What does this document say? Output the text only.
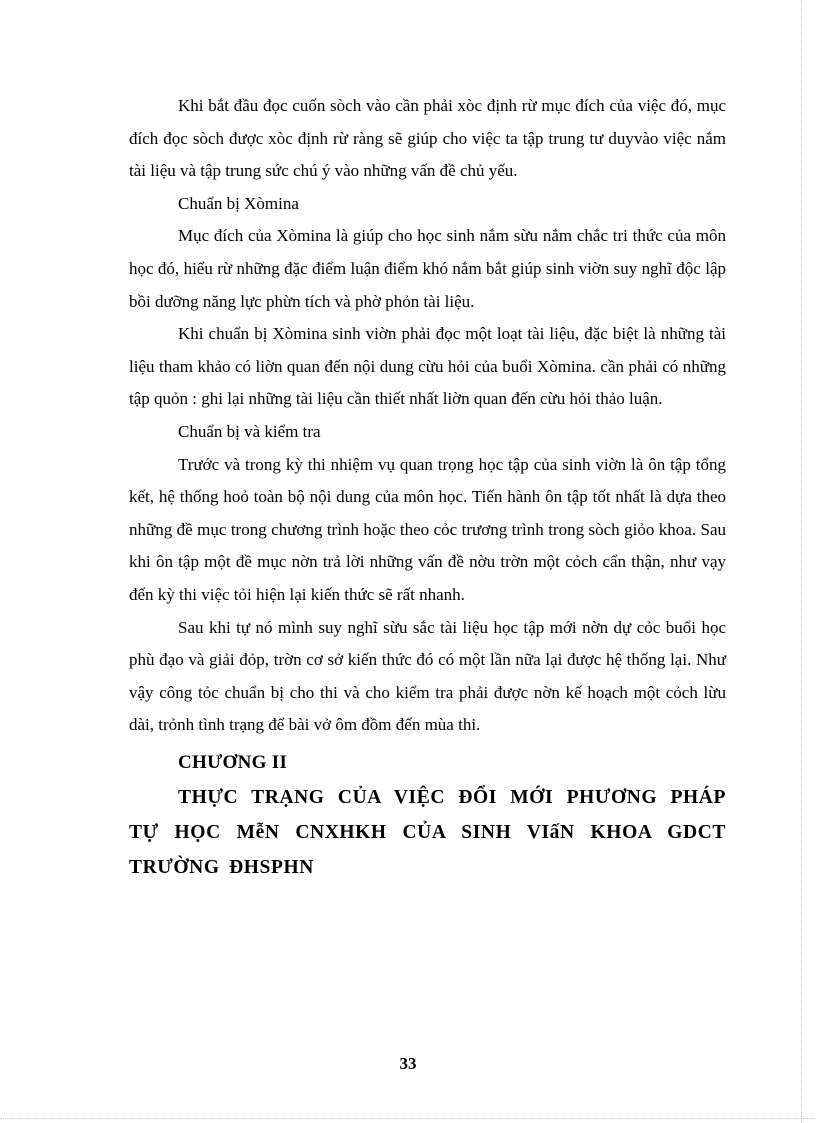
Khi bắt đầu đọc cuốn sòch vào cần phải xòc định rừ mục đích của việc đó, mục đích đọc sòch được xòc định rừ ràng sẽ giúp cho việc ta tập trung tư duyvào việc nắm tài liệu và tập trung sức chú ý vào những vấn đề chủ yếu.

Chuẩn bị Xòmina

Mục đích của Xòmina là giúp cho học sinh nắm sừu nắm chắc tri thức của môn học đó, hiểu rừ những đặc điểm luận điểm khó nắm bắt giúp sinh viờn suy nghĩ độc lập bồi dưỡng năng lực phừn tích và phờ phỏn tài liệu.

Khi chuẩn bị Xòmina sinh viờn phải đọc một loạt tài liệu, đặc biệt là những tài liệu tham khảo có liờn quan đến nội dung cừu hỏi của buổi Xòmina. cần phải có những tập quỏn : ghi lại những tài liệu cần thiết nhất liờn quan đến cừu hỏi thảo luận.

Chuẩn bị và kiểm tra

Trước và trong kỳ thi nhiệm vụ quan trọng học tập của sinh viờn là ôn tập tổng kết, hệ thống hoỏ toàn bộ nội dung của môn học. Tiến hành ôn tập tốt nhất là dựa theo những đề mục trong chương trình hoặc theo cỏc trương trình trong sòch giỏo khoa. Sau khi ôn tập một đề mục nờn trả lời những vấn đề nờu trờn một cỏch cẩn thận, như vạy đến kỳ thi việc tỏi hiện lại kiến thức sẽ rất nhanh.

Sau khi tự nó mình suy nghĩ sừu sắc tài liệu học tập mới nờn dự cỏc buổi học phù đạo và giải đỏp, trờn cơ sở kiến thức đó có một lần nữa lại được hệ thống lại. Như vậy công tỏc chuẩn bị cho thi và cho kiểm tra phải được nờn kế hoạch một cỏch lừu dài, trỏnh tình trạng để bài vở ôm đồm đến mùa thi.

CHƯƠNG II

THỰC TRẠNG CỦA VIỆC ĐỔI MỚI PHƯƠNG PHÁP TỰ HỌC MễN CNXHKH CỦA SINH VIấN KHOA GDCT TRƯỜNG ĐHSPHN

33
